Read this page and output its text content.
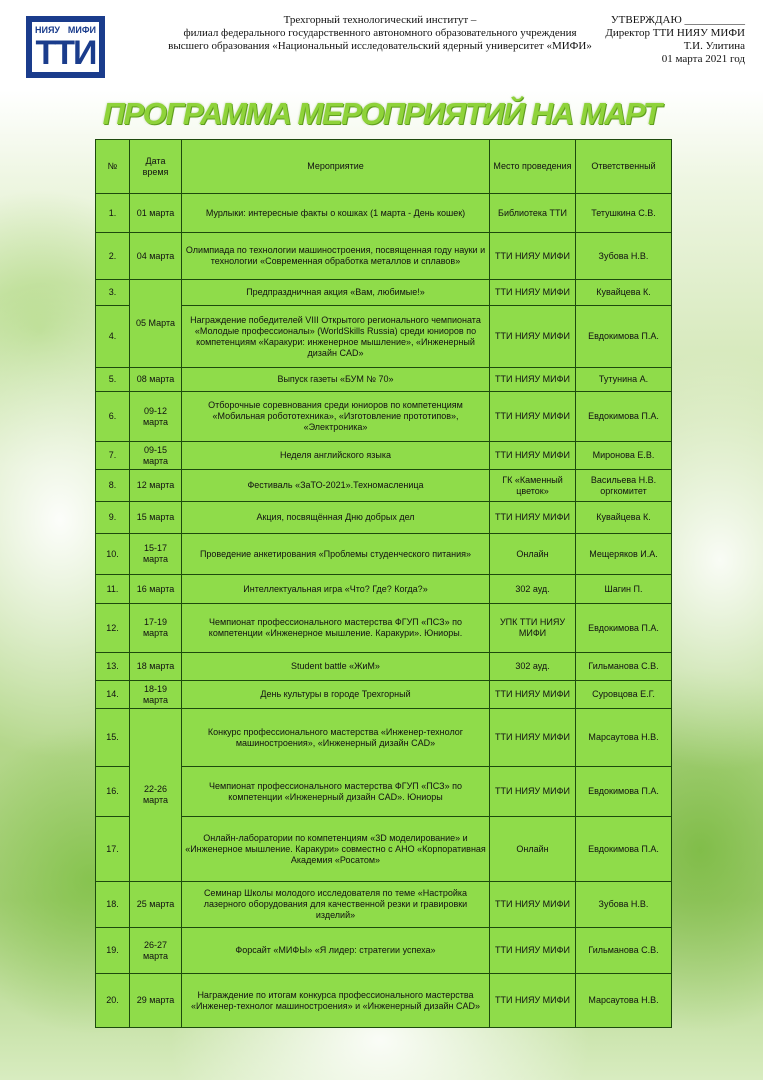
НИЯУ МИФИ
ТТИ
Трехгорный технологический институт –
филиал федерального государственного автономного образовательного учреждения
высшего образования «Национальный исследовательский ядерный университет «МИФИ»
УТВЕРЖДАЮ ___________
Директор ТТИ НИЯУ МИФИ
Т.И. Улитина
01 марта 2021 год
ПРОГРАММА МЕРОПРИЯТИЙ НА МАРТ
№	Дата время	Мероприятие	Место проведения	Ответственный
1.	01 марта	Мурлыки: интересные факты о кошках (1 марта - День кошек)	Библиотека ТТИ	Тетушкина С.В.
2.	04 марта	Олимпиада по технологии машиностроения, посвященная году науки и технологии «Современная обработка металлов и сплавов»	ТТИ НИЯУ МИФИ	Зубова Н.В.
3.	05 Марта	Предпраздничная акция «Вам, любимые!»	ТТИ НИЯУ МИФИ	Кувайцева К.
4.		Награждение победителей VIII Открытого регионального чемпионата «Молодые профессионалы» (WorldSkills Russia) среди юниоров по компетенциям «Каракури: инженерное мышление», «Инженерный дизайн CAD»	ТТИ НИЯУ МИФИ	Евдокимова П.А.
5.	08 марта	Выпуск газеты «БУМ № 70»	ТТИ НИЯУ МИФИ	Тутунина А.
6.	09-12 марта	Отборочные соревнования среди юниоров по компетенциям «Мобильная робототехника», «Изготовление прототипов», «Электроника»	ТТИ НИЯУ МИФИ	Евдокимова П.А.
7.	09-15 марта	Неделя английского языка	ТТИ НИЯУ МИФИ	Миронова Е.В.
8.	12 марта	Фестиваль «ЗаТО-2021».Техномасленица	ГК «Каменный цветок»	Васильева Н.В. оргкомитет
9.	15 марта	Акция, посвящённая Дню добрых дел	ТТИ НИЯУ МИФИ	Кувайцева К.
10.	15-17 марта	Проведение анкетирования «Проблемы студенческого питания»	Онлайн	Мещеряков И.А.
11.	16 марта	Интеллектуальная игра «Что? Где? Когда?»	302 ауд.	Шагин П.
12.	17-19 марта	Чемпионат профессионального мастерства ФГУП «ПСЗ» по компетенции «Инженерное мышление. Каракури». Юниоры.	УПК ТТИ НИЯУ МИФИ	Евдокимова П.А.
13.	18 марта	Student battle «ЖиМ»	302 ауд.	Гильманова С.В.
14.	18-19 марта	День культуры в городе Трехгорный	ТТИ НИЯУ МИФИ	Суровцова Е.Г.
15.	22-26 марта	Конкурс профессионального мастерства «Инженер-технолог машиностроения», «Инженерный дизайн CAD»	ТТИ НИЯУ МИФИ	Марсаутова Н.В.
16.		Чемпионат профессионального мастерства ФГУП «ПСЗ» по компетенции «Инженерный дизайн CAD». Юниоры	ТТИ НИЯУ МИФИ	Евдокимова П.А.
17.		Онлайн-лаборатории по компетенциям «3D моделирование» и «Инженерное мышление. Каракури» совместно с АНО «Корпоративная Академия «Росатом»	Онлайн	Евдокимова П.А.
18.	25 марта	Семинар Школы молодого исследователя по теме «Настройка лазерного оборудования для качественной резки и гравировки изделий»	ТТИ НИЯУ МИФИ	Зубова Н.В.
19.	26-27 марта	Форсайт «МИФЫ» «Я лидер: стратегии успеха»	ТТИ НИЯУ МИФИ	Гильманова С.В.
20.	29 марта	Награждение по итогам конкурса профессионального мастерства «Инженер-технолог машиностроения» и «Инженерный дизайн CAD»	ТТИ НИЯУ МИФИ	Марсаутова Н.В.
